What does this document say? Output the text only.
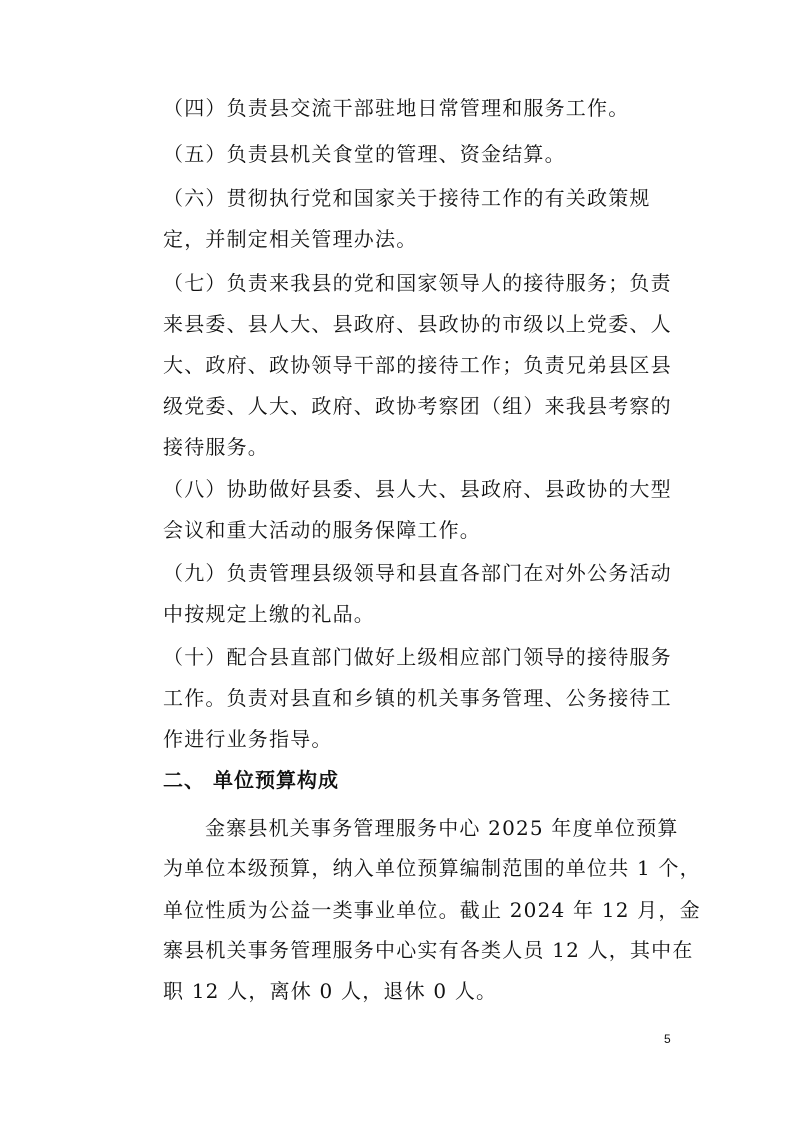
（四）负责县交流干部驻地日常管理和服务工作。
（五）负责县机关食堂的管理、资金结算。
（六）贯彻执行党和国家关于接待工作的有关政策规
定，并制定相关管理办法。
（七）负责来我县的党和国家领导人的接待服务；负责
来县委、县人大、县政府、县政协的市级以上党委、人
大、政府、政协领导干部的接待工作；负责兄弟县区县
级党委、人大、政府、政协考察团（组）来我县考察的
接待服务。
（八）协助做好县委、县人大、县政府、县政协的大型
会议和重大活动的服务保障工作。
（九）负责管理县级领导和县直各部门在对外公务活动
中按规定上缴的礼品。
（十）配合县直部门做好上级相应部门领导的接待服务
工作。负责对县直和乡镇的机关事务管理、公务接待工
作进行业务指导。
二、 单位预算构成
金寨县机关事务管理服务中心 2025 年度单位预算
为单位本级预算，纳入单位预算编制范围的单位共 1 个，
单位性质为公益一类事业单位。截止 2024 年 12 月，金
寨县机关事务管理服务中心实有各类人员 12 人，其中在
职 12 人，离休 0 人，退休 0 人。
5
